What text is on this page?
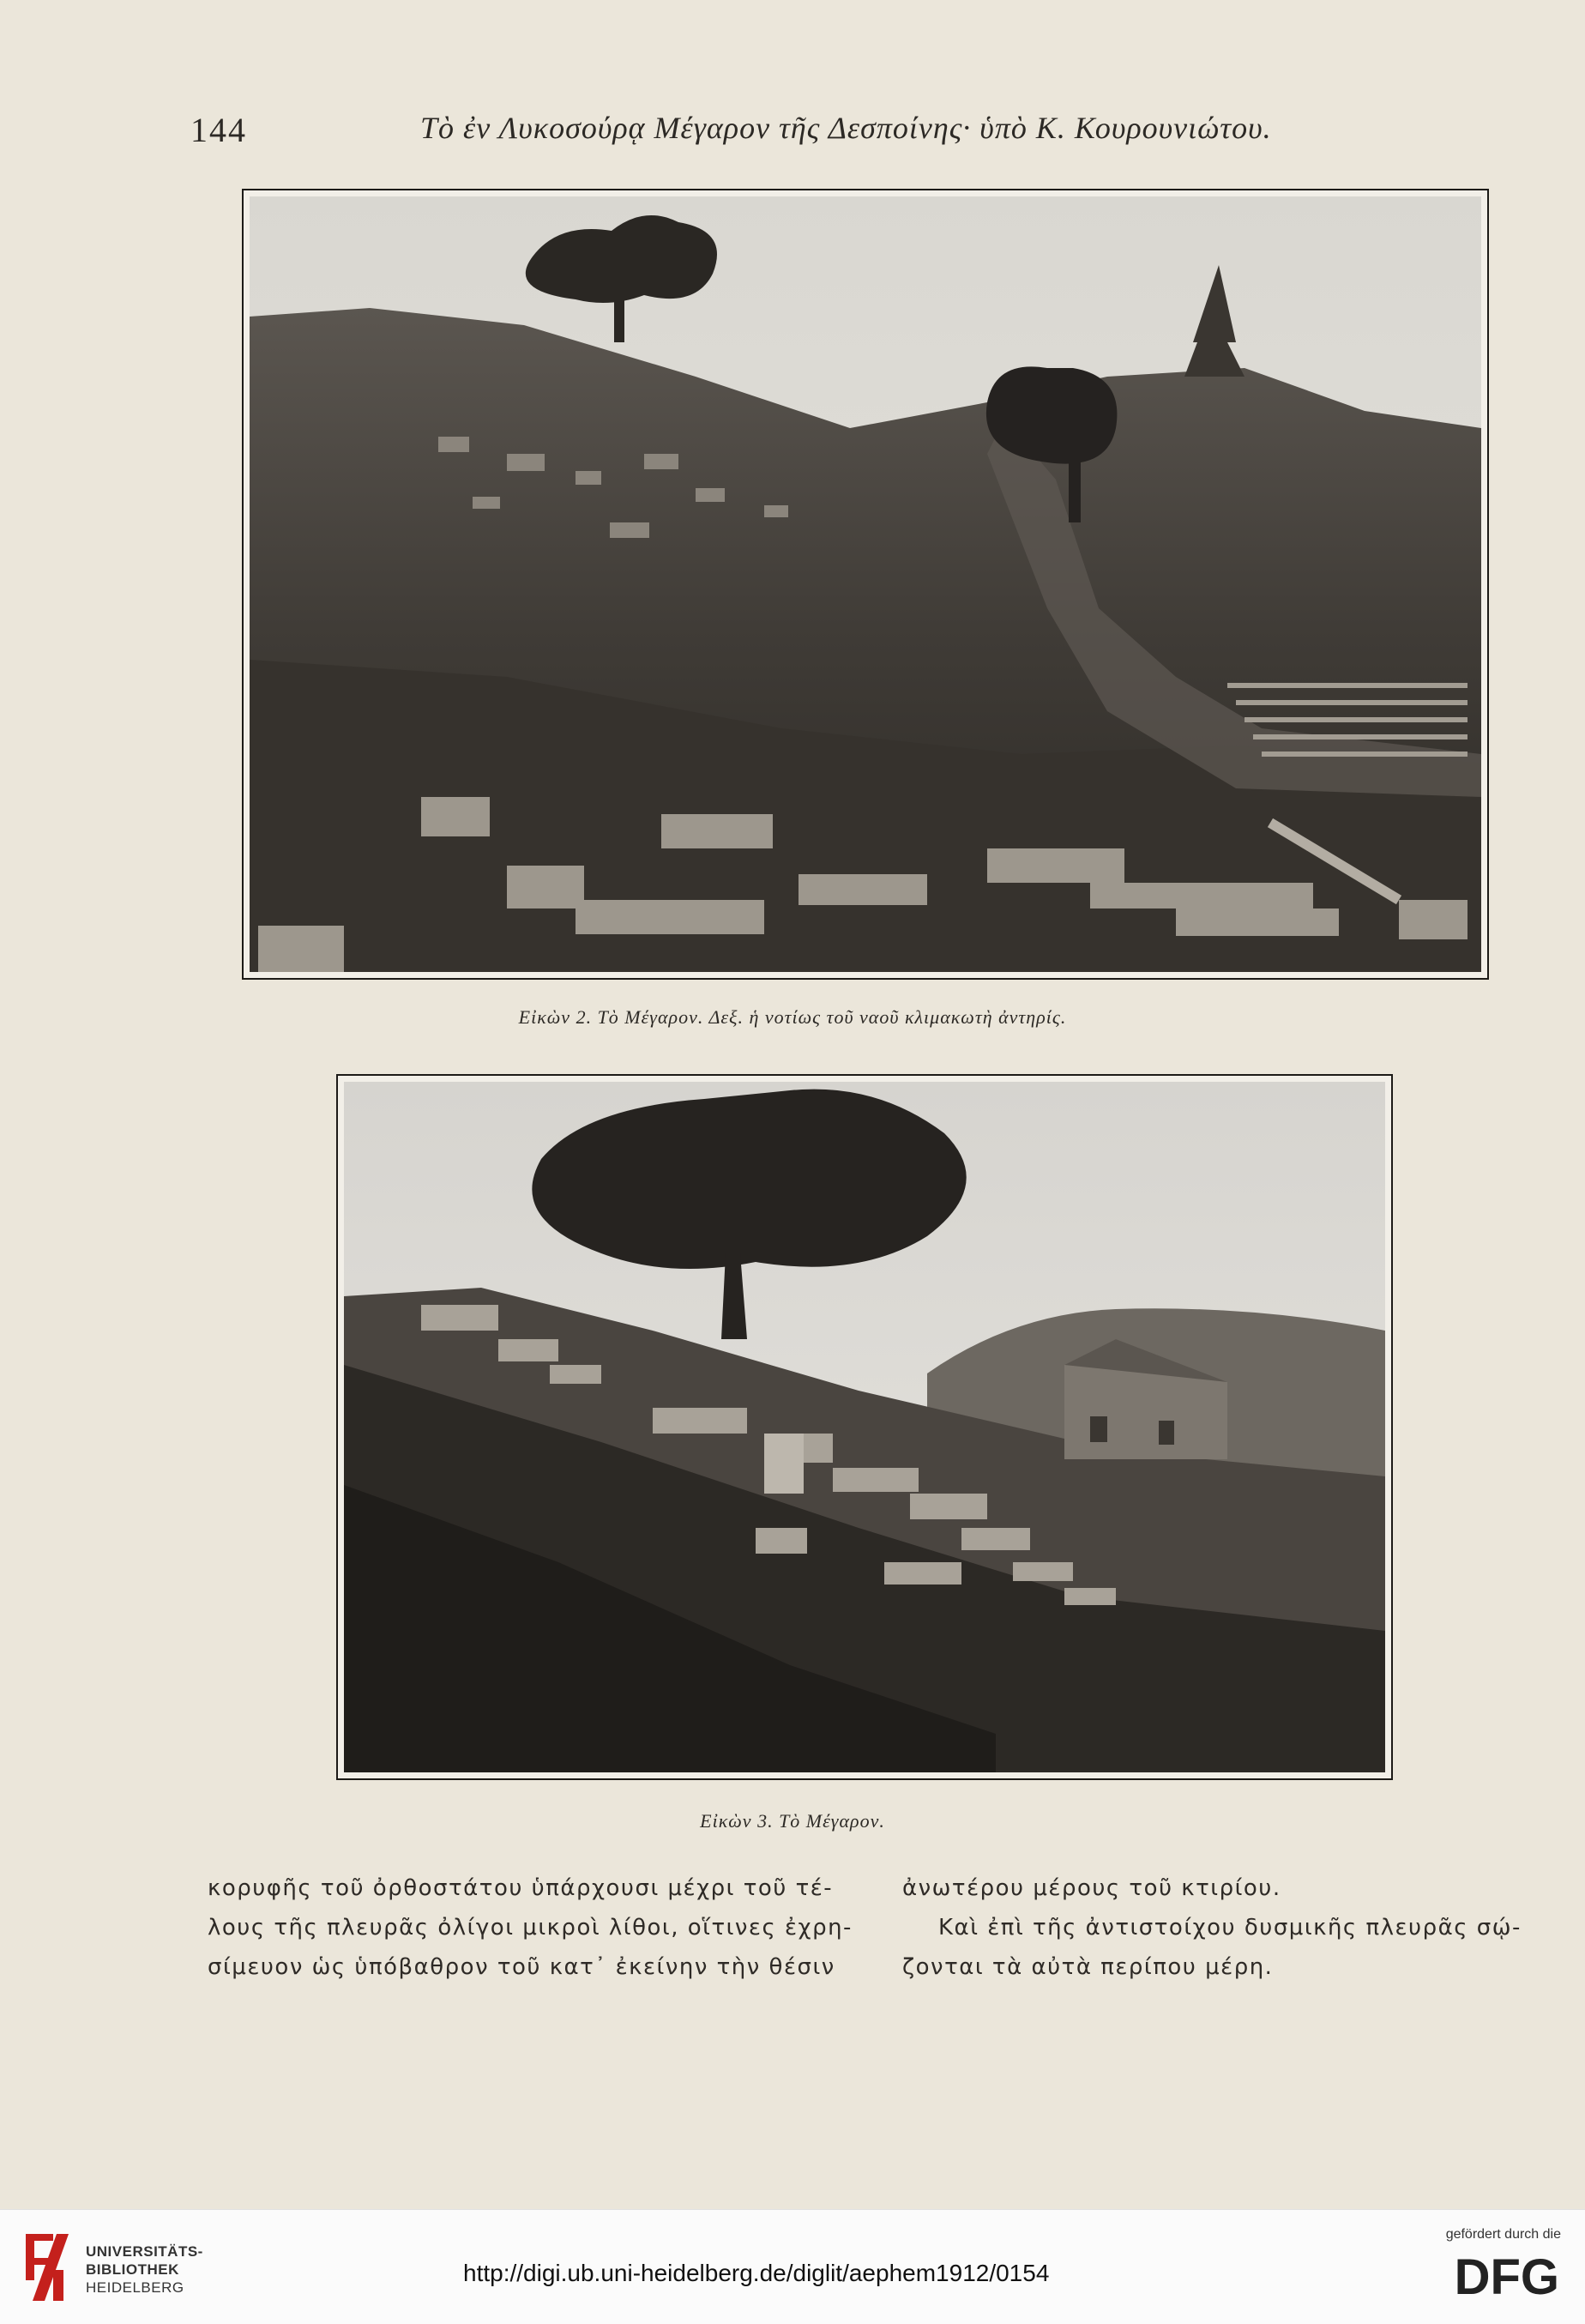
144	Τὸ ἐν Λυκοσούρᾳ Μέγαρον τῆς Δεσποίνης· ὑπὸ Κ. Κουρουνιώτου.
Εἰκὼν 2. Τὸ Μέγαρον. Δεξ. ἡ νοτίως τοῦ ναοῦ κλιμακωτὴ ἀντηρίς.
Εἰκὼν 3. Τὸ Μέγαρον.
κορυφῆς τοῦ ὀρθοστάτου ὑπάρχουσι μέχρι τοῦ τέ-
λους τῆς πλευρᾶς ὀλίγοι μικροὶ λίθοι, οἵτινες ἐχρη-
σίμευον ὡς ὑπόβαθρον τοῦ κατ᾽ ἐκείνην τὴν θέσιν
ἀνωτέρου μέρους τοῦ κτιρίου.
Καὶ ἐπὶ τῆς ἀντιστοίχου δυσμικῆς πλευρᾶς σῴ-
ζονται τὰ αὐτὰ περίπου μέρη.
UNIVERSITÄTS-
BIBLIOTHEK
HEIDELBERG
http://digi.ub.uni-heidelberg.de/diglit/aephem1912/0154
gefördert durch die
DFG
